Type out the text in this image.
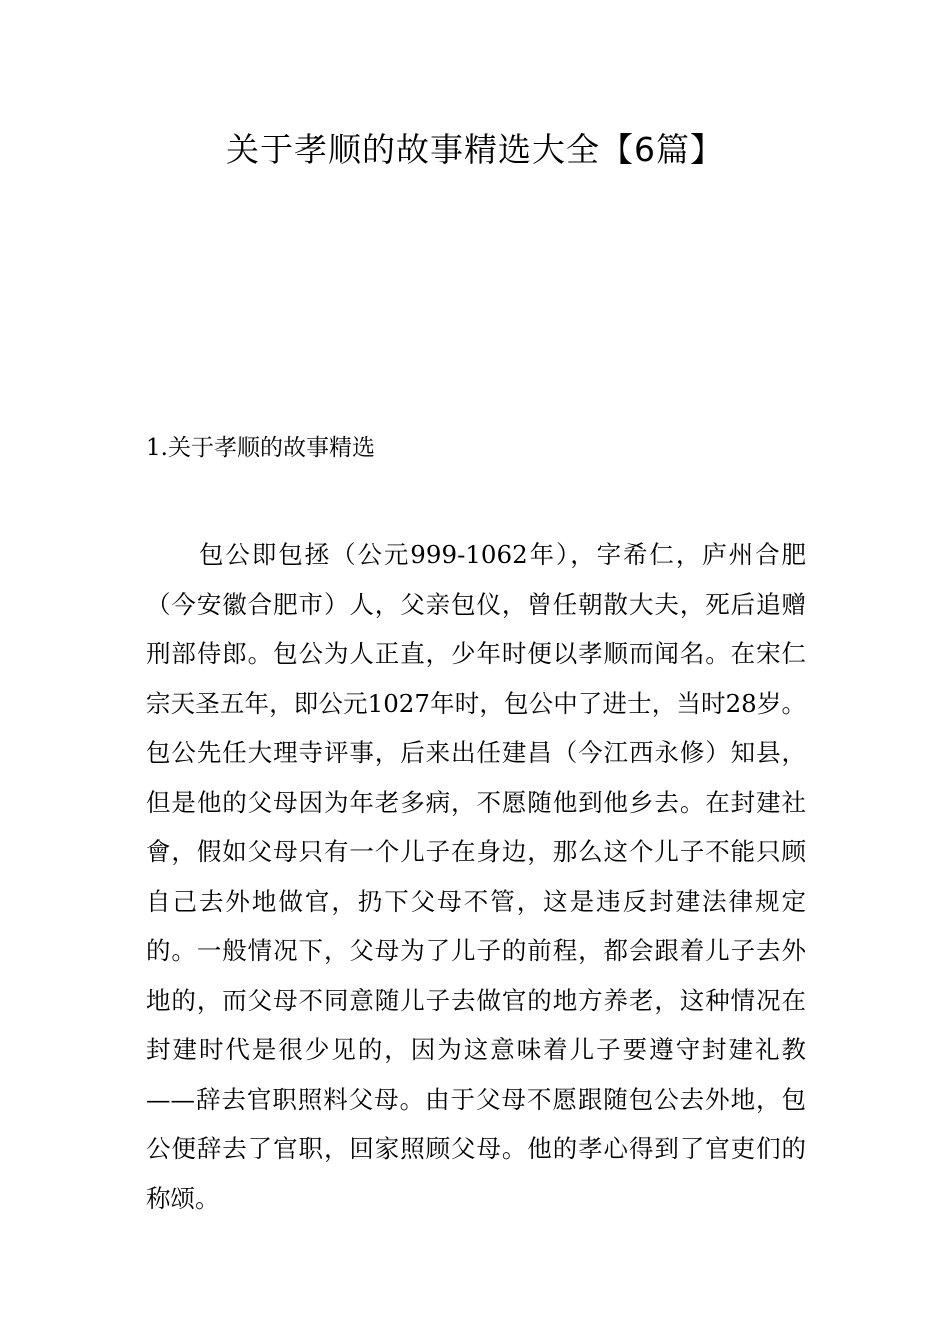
关于孝顺的故事精选大全【6篇】
1.关于孝顺的故事精选

包公即包拯（公元999-1062年），字希仁，庐州合肥（今安徽合肥市）人，父亲包仪，曾任朝散大夫，死后追赠刑部侍郎。包公为人正直，少年时便以孝顺而闻名。在宋仁宗天圣五年，即公元1027年时，包公中了进士，当时28岁。包公先任大理寺评事，后来出任建昌（今江西永修）知县，但是他的父母因为年老多病，不愿随他到他乡去。在封建社會，假如父母只有一个儿子在身边，那么这个儿子不能只顾自己去外地做官，扔下父母不管，这是违反封建法律规定的。一般情况下，父母为了儿子的前程，都会跟着儿子去外地的，而父母不同意随儿子去做官的地方养老，这种情况在封建时代是很少见的，因为这意味着儿子要遵守封建礼教——辞去官职照料父母。由于父母不愿跟随包公去外地，包公便辞去了官职，回家照顾父母。他的孝心得到了官吏们的称颂。
